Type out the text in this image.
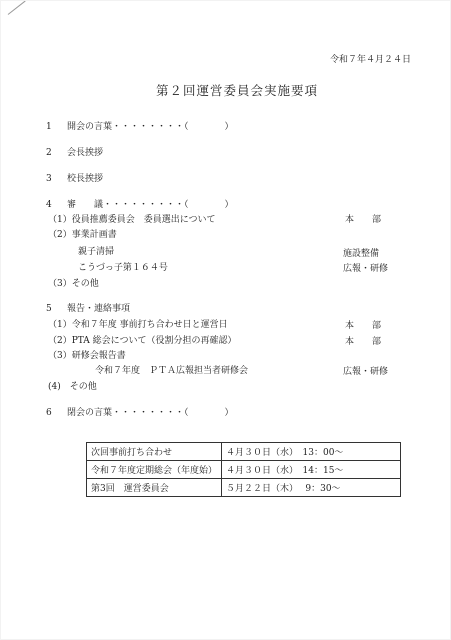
令和７年４月２４日
第２回運営委員会実施要項
1 開会の言葉・・・・・・・・（　　　　）
2 会長挨拶
3 校長挨拶
4 審　　議・・・・・・・・・（　　　　）
（1）役員推薦委員会　委員選出について	本　　部
（2）事業計画書
親子清掃	施設整備
こうづっ子第１６４号	広報・研修
（3）その他
5 報告・連絡事項
（1）令和７年度 事前打ち合わせ日と運営日	本　　部
（2）PTA 総会について（役割分担の再確認）	本　　部
（3）研修会報告書
令和７年度　ＰＴＡ広報担当者研修会	広報・研修
(4)　その他
6 閉会の言葉・・・・・・・・（　　　　）
次回事前打ち合わせ	４月３０日（水）　13：00～
令和７年度定期総会（年度始）	４月３０日（水）　14：15～
第3回　運営委員会	５月２２日（木）　 9：30～
